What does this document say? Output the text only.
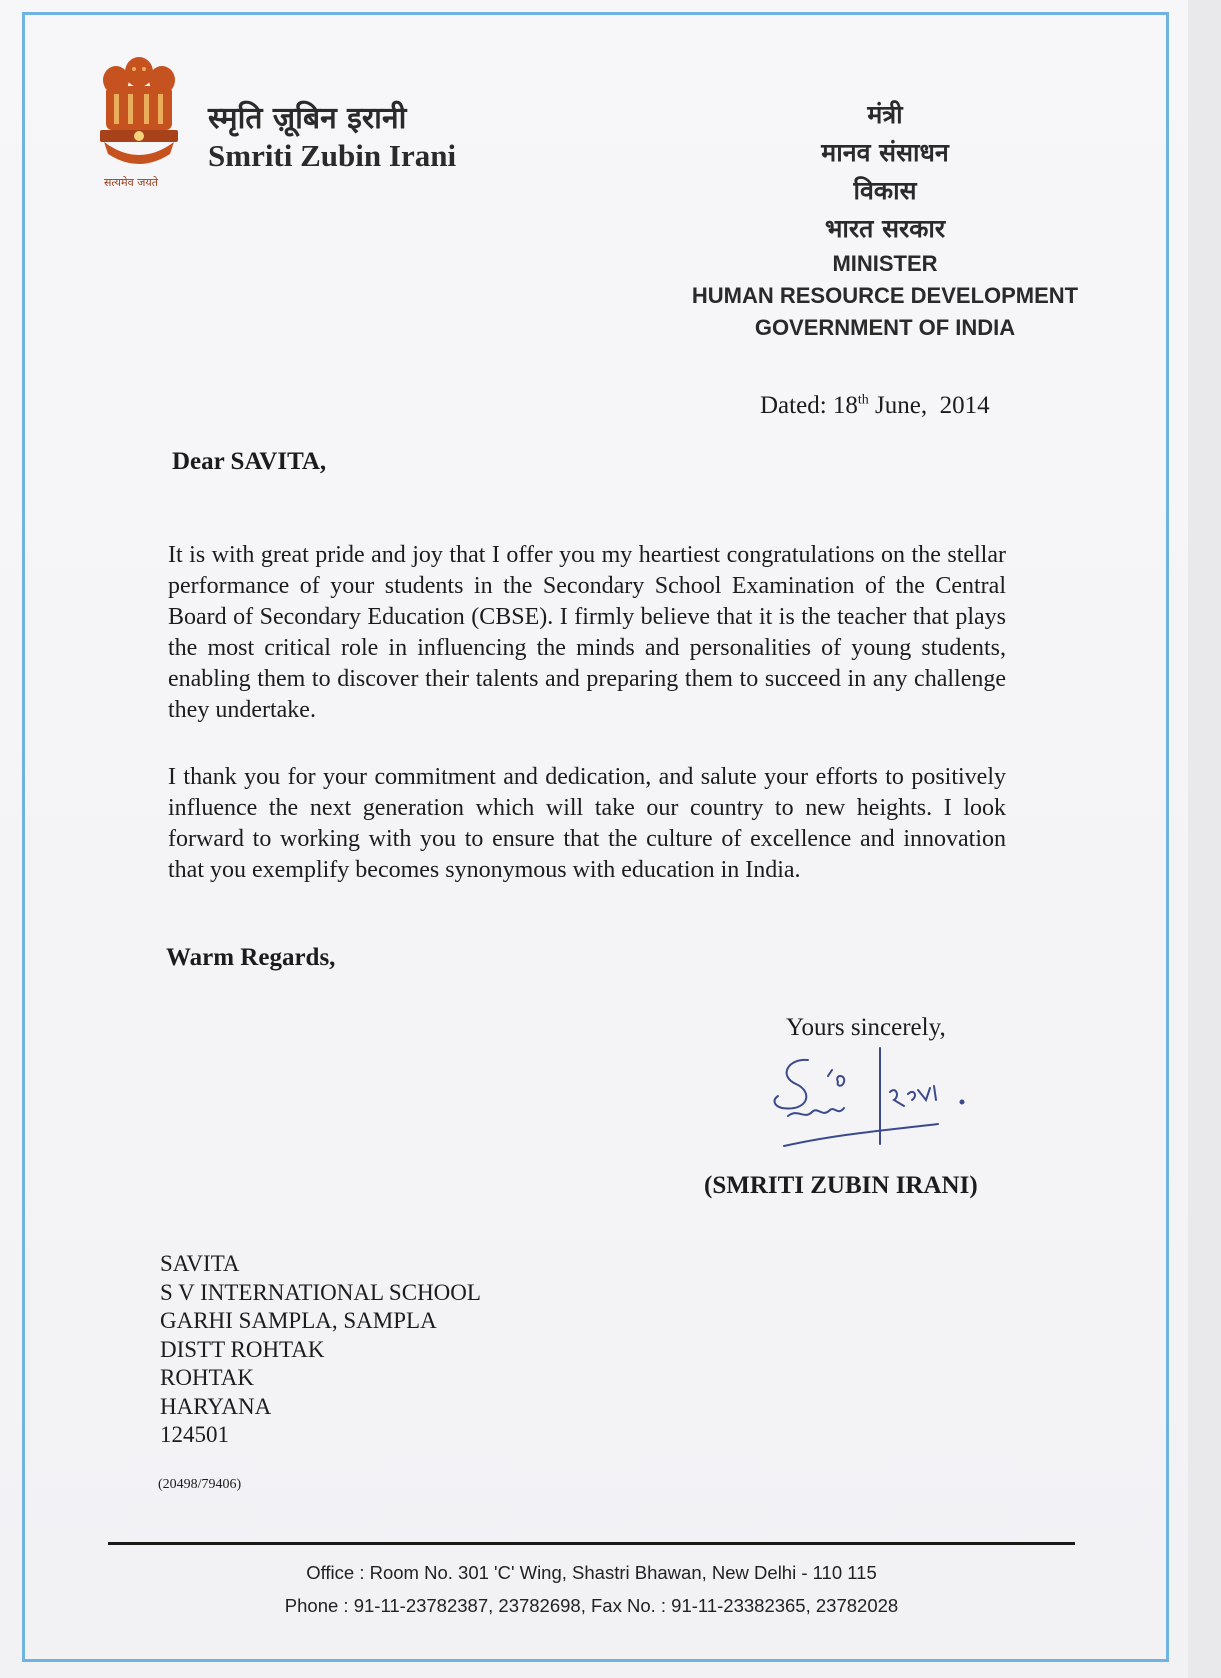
सत्यमेव जयते
स्मृति ज़ूबिन इरानी
Smriti Zubin Irani
मंत्री
मानव संसाधन
विकास
भारत सरकार
MINISTER
HUMAN RESOURCE DEVELOPMENT
GOVERNMENT OF INDIA
Dated: 18th June,  2014
Dear SAVITA,
It is with great pride and joy that I offer you my heartiest congratulations on the stellar performance of your students in the Secondary School Examination of the Central Board of Secondary Education (CBSE). I firmly believe that it is the teacher that plays the most critical role in influencing the minds and personalities of young students, enabling them to discover their talents and preparing them to succeed in any challenge they undertake.
I thank you for your commitment and dedication, and salute your efforts to positively influence the next generation which will take our country to new heights. I look forward to working with you to ensure that the culture of excellence and innovation that you exemplify becomes synonymous with education in India.
Warm Regards,
Yours sincerely,
(SMRITI ZUBIN IRANI)
SAVITA
S V INTERNATIONAL SCHOOL
GARHI SAMPLA, SAMPLA
DISTT ROHTAK
ROHTAK
HARYANA
124501
(20498/79406)
Office : Room No. 301 'C' Wing, Shastri Bhawan, New Delhi - 110 115
Phone : 91-11-23782387, 23782698, Fax No. : 91-11-23382365, 23782028
